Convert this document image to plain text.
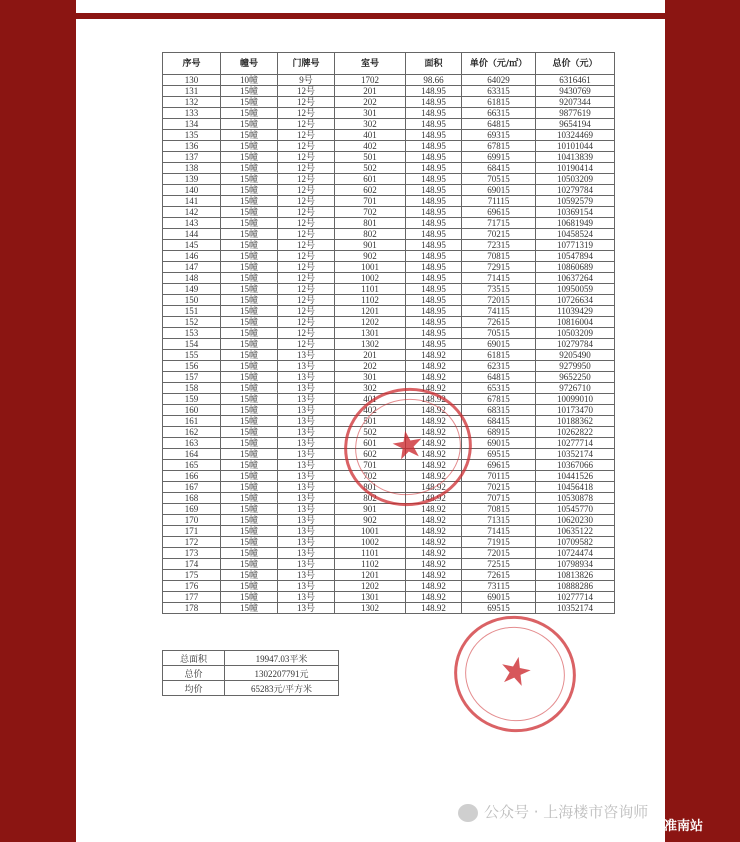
序号	幢号	门牌号	室号	面积	单价（元/㎡）	总价（元）
130	10幢	9号	1702	98.66	64029	6316461
131	15幢	12号	201	148.95	63315	9430769
132	15幢	12号	202	148.95	61815	9207344
133	15幢	12号	301	148.95	66315	9877619
134	15幢	12号	302	148.95	64815	9654194
135	15幢	12号	401	148.95	69315	10324469
136	15幢	12号	402	148.95	67815	10101044
137	15幢	12号	501	148.95	69915	10413839
138	15幢	12号	502	148.95	68415	10190414
139	15幢	12号	601	148.95	70515	10503209
140	15幢	12号	602	148.95	69015	10279784
141	15幢	12号	701	148.95	71115	10592579
142	15幢	12号	702	148.95	69615	10369154
143	15幢	12号	801	148.95	71715	10681949
144	15幢	12号	802	148.95	70215	10458524
145	15幢	12号	901	148.95	72315	10771319
146	15幢	12号	902	148.95	70815	10547894
147	15幢	12号	1001	148.95	72915	10860689
148	15幢	12号	1002	148.95	71415	10637264
149	15幢	12号	1101	148.95	73515	10950059
150	15幢	12号	1102	148.95	72015	10726634
151	15幢	12号	1201	148.95	74115	11039429
152	15幢	12号	1202	148.95	72615	10816004
153	15幢	12号	1301	148.95	70515	10503209
154	15幢	12号	1302	148.95	69015	10279784
155	15幢	13号	201	148.92	61815	9205490
156	15幢	13号	202	148.92	62315	9279950
157	15幢	13号	301	148.92	64815	9652250
158	15幢	13号	302	148.92	65315	9726710
159	15幢	13号	401	148.92	67815	10099010
160	15幢	13号	402	148.92	68315	10173470
161	15幢	13号	501	148.92	68415	10188362
162	15幢	13号	502	148.92	68915	10262822
163	15幢	13号	601	148.92	69015	10277714
164	15幢	13号	602	148.92	69515	10352174
165	15幢	13号	701	148.92	69615	10367066
166	15幢	13号	702	148.92	70115	10441526
167	15幢	13号	801	148.92	70215	10456418
168	15幢	13号	802	148.92	70715	10530878
169	15幢	13号	901	148.92	70815	10545770
170	15幢	13号	902	148.92	71315	10620230
171	15幢	13号	1001	148.92	71415	10635122
172	15幢	13号	1002	148.92	71915	10709582
173	15幢	13号	1101	148.92	72015	10724474
174	15幢	13号	1102	148.92	72515	10798934
175	15幢	13号	1201	148.92	72615	10813826
176	15幢	13号	1202	148.92	73115	10888286
177	15幢	13号	1301	148.92	69015	10277714
178	15幢	13号	1302	148.92	69515	10352174
总面积	19947.03平米
总价	1302207791元
均价	65283元/平方米
★
★
公众号 · 上海楼市咨询师
搜狐号@搜狐焦点准南站
